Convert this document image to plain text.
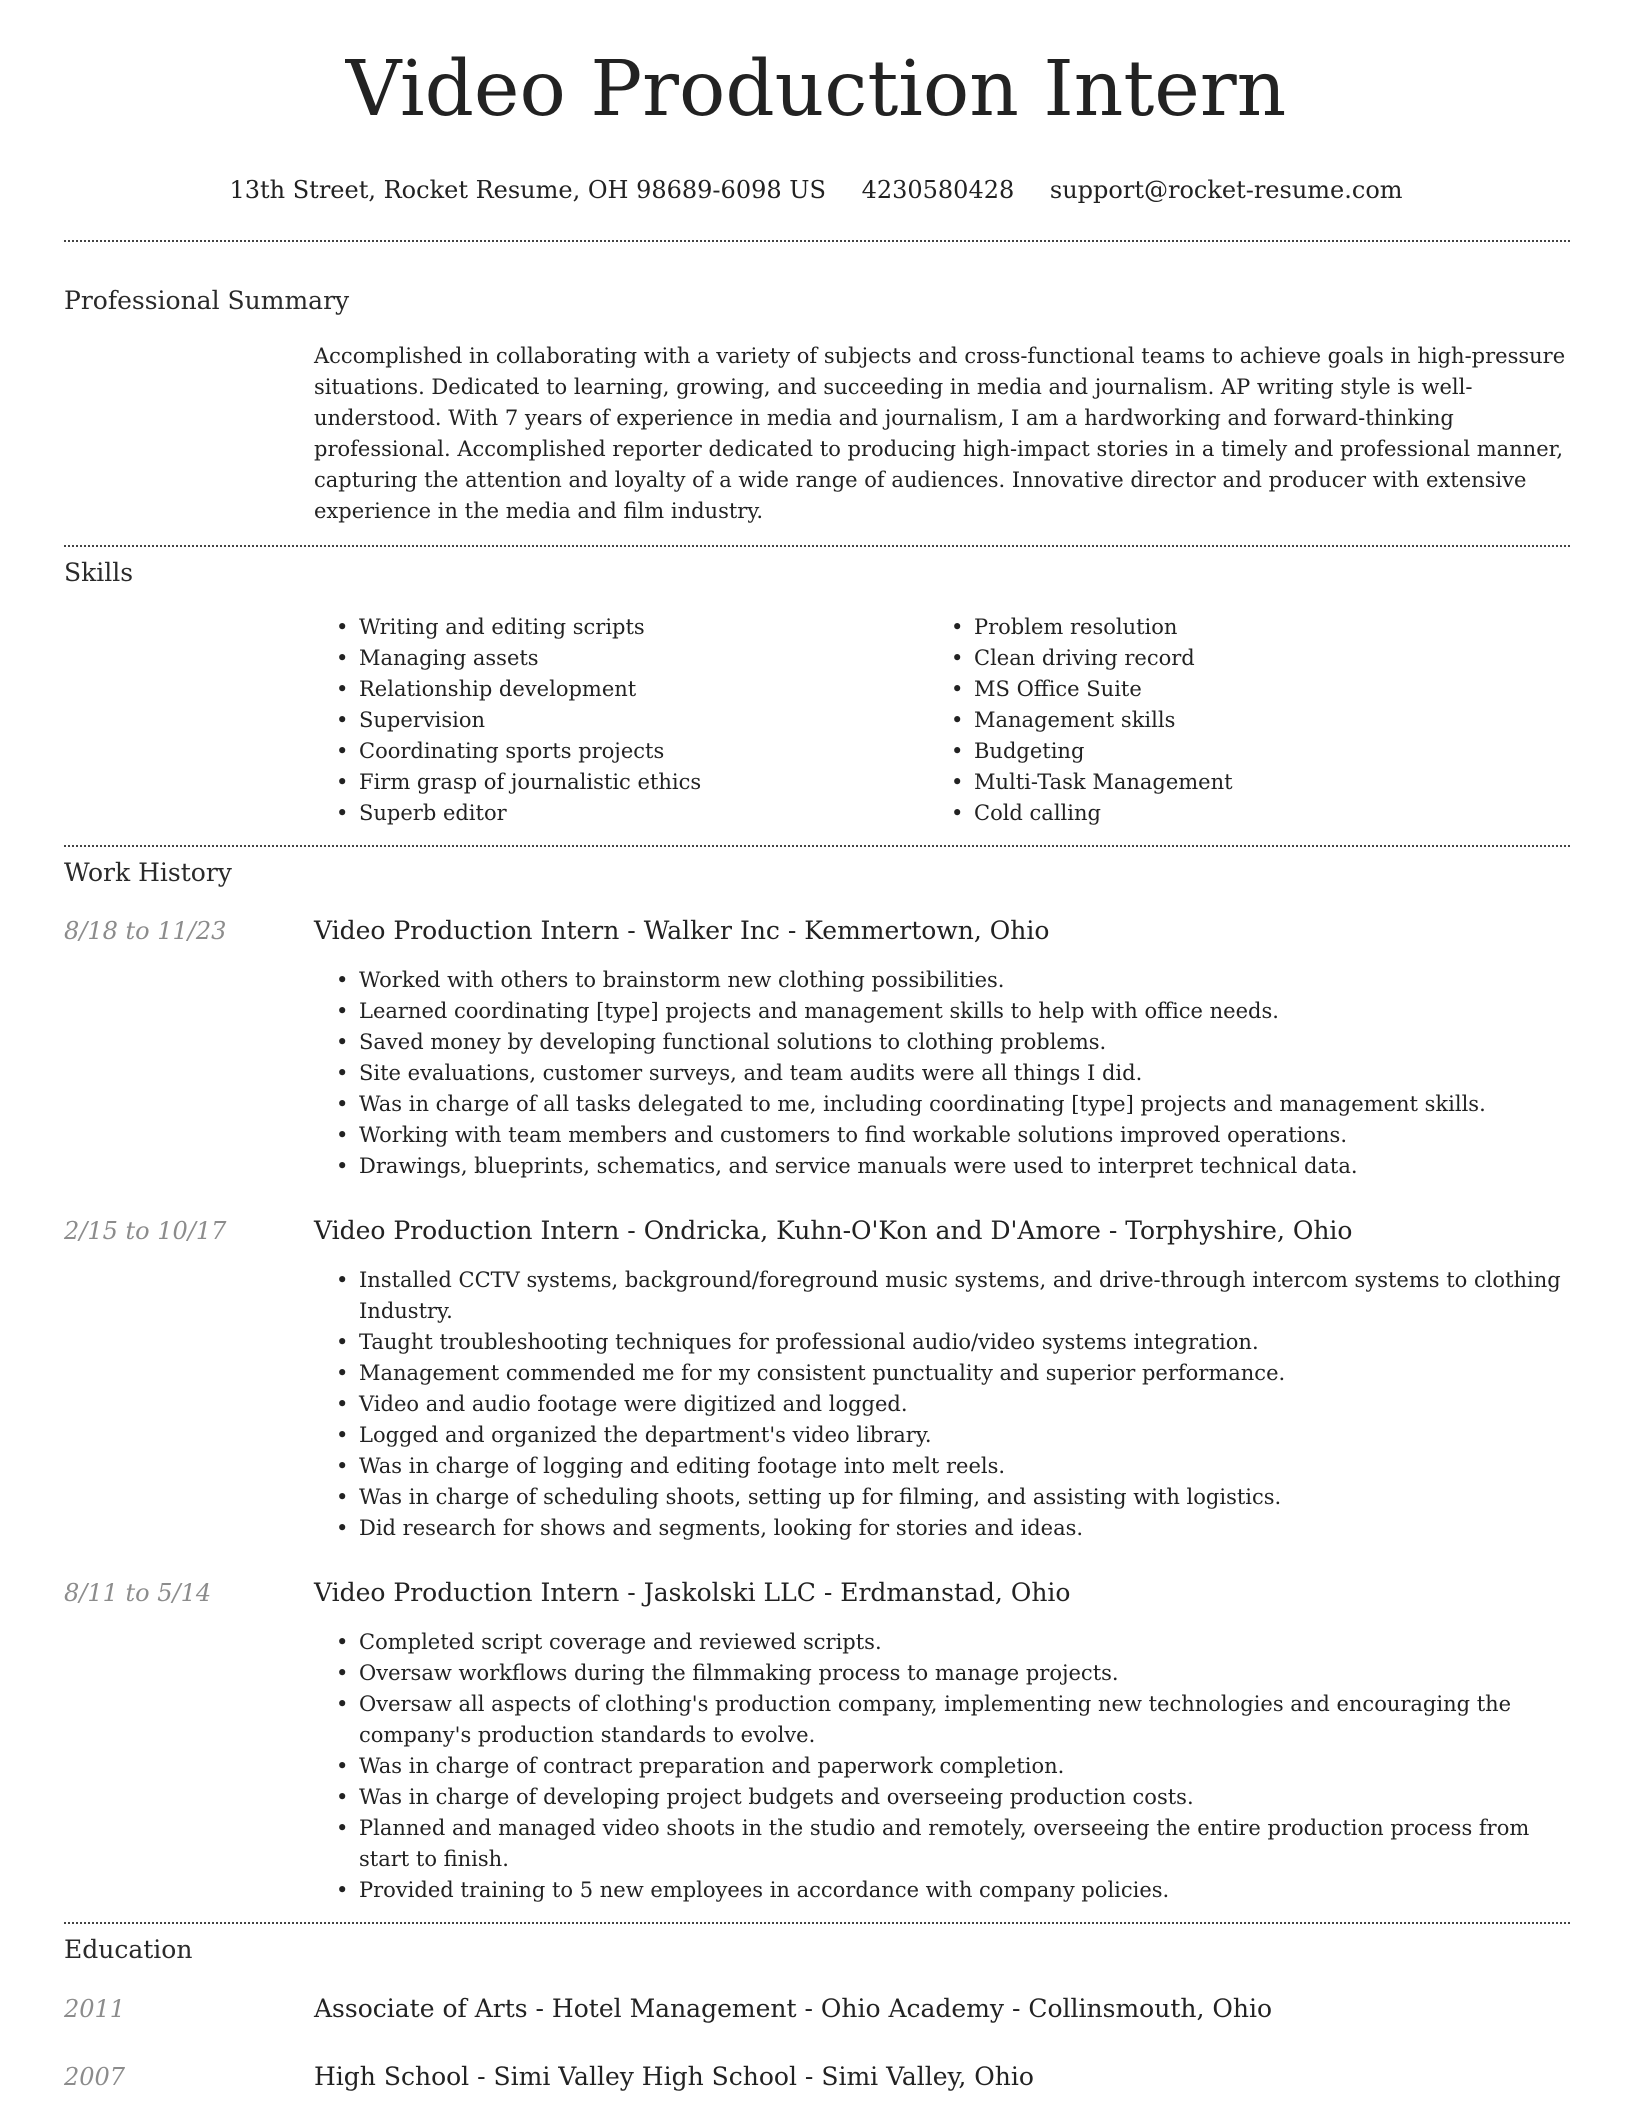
Video Production Intern
13th Street, Rocket Resume, OH 98689-6098 US 4230580428 support@rocket-resume.com
Professional Summary
Accomplished in collaborating with a variety of subjects and cross-functional teams to achieve goals in high-pressure situations. Dedicated to learning, growing, and succeeding in media and journalism. AP writing style is well-understood. With 7 years of experience in media and journalism, I am a hardworking and forward-thinking professional. Accomplished reporter dedicated to producing high-impact stories in a timely and professional manner, capturing the attention and loyalty of a wide range of audiences. Innovative director and producer with extensive experience in the media and film industry.
Skills
• Writing and editing scripts
• Managing assets
• Relationship development
• Supervision
• Coordinating sports projects
• Firm grasp of journalistic ethics
• Superb editor
• Problem resolution
• Clean driving record
• MS Office Suite
• Management skills
• Budgeting
• Multi-Task Management
• Cold calling
Work History
8/18 to 11/23	Video Production Intern - Walker Inc - Kemmertown, Ohio
• Worked with others to brainstorm new clothing possibilities.
• Learned coordinating [type] projects and management skills to help with office needs.
• Saved money by developing functional solutions to clothing problems.
• Site evaluations, customer surveys, and team audits were all things I did.
• Was in charge of all tasks delegated to me, including coordinating [type] projects and management skills.
• Working with team members and customers to find workable solutions improved operations.
• Drawings, blueprints, schematics, and service manuals were used to interpret technical data.
2/15 to 10/17	Video Production Intern - Ondricka, Kuhn-O'Kon and D'Amore - Torphyshire, Ohio
• Installed CCTV systems, background/foreground music systems, and drive-through intercom systems to clothing Industry.
• Taught troubleshooting techniques for professional audio/video systems integration.
• Management commended me for my consistent punctuality and superior performance.
• Video and audio footage were digitized and logged.
• Logged and organized the department's video library.
• Was in charge of logging and editing footage into melt reels.
• Was in charge of scheduling shoots, setting up for filming, and assisting with logistics.
• Did research for shows and segments, looking for stories and ideas.
8/11 to 5/14	Video Production Intern - Jaskolski LLC - Erdmanstad, Ohio
• Completed script coverage and reviewed scripts.
• Oversaw workflows during the filmmaking process to manage projects.
• Oversaw all aspects of clothing's production company, implementing new technologies and encouraging the company's production standards to evolve.
• Was in charge of contract preparation and paperwork completion.
• Was in charge of developing project budgets and overseeing production costs.
• Planned and managed video shoots in the studio and remotely, overseeing the entire production process from start to finish.
• Provided training to 5 new employees in accordance with company policies.
Education
2011	Associate of Arts - Hotel Management - Ohio Academy - Collinsmouth, Ohio
2007	High School - Simi Valley High School - Simi Valley, Ohio
